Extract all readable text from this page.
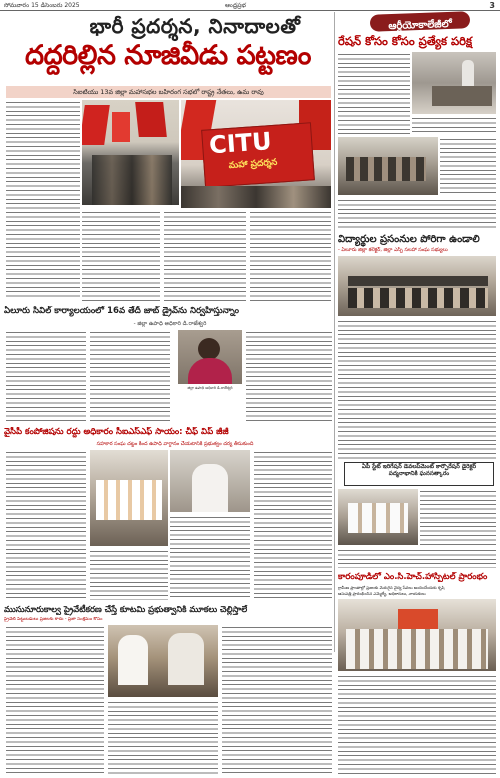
సోమవారం 15 డిసెంబరు 2025	ఆంధ్రప్రభ	3
భారీ ప్రదర్శన, నినాదాలతో
దద్దరిల్లిన నూజివీడు పట్టణం
సిఐటియు 13వ జిల్లా మహాసభల బహిరంగ సభలో రాష్ట్ర నేతలు, ఉమ రావు
CITU
మహా ప్రదర్శన
ఆర్డీయోకాలేజీలో
రేషన్ కోసం కోసం ప్రత్యేక పరిక్ష
విద్యార్థుల ప్రసంనుల పోరిగా ఉండాలి
- ఏలూరు జిల్లా కలెక్టర్, జిల్లా ఎస్పీ సలహా సంఘ సభ్యులు
ఏలూరు సివిల్ కార్యాలయంలో 16వ తేదీ జాబ్ డ్రైవ్‌ను నిర్వహిస్తున్నాం
- జిల్లా ఉపాధి అధికారి డి.రాజేశ్వరి
జిల్లా ఉపాధి అధికారి డి.రాజేశ్వరి
వైసీపీ కంపోజిషను రద్దు అధికారం సీఐఎస్‌ఎఫ్ సాయం: చీఫ్ విప్ జీజీ
సహకార సంఘ చట్టం కింద ఉపాధి వాగ్దానం చేయటానికి ప్రభుత్వం చర్య తీసుకుంది
ఏపీ స్టేట్ ఇరిగేషన్ డెవలప్‌మెంట్ కార్పొరేషన్ డైరెక్టర్ పద్మనాభానికి ఘనసత్కారం
కారంపూడిలో ఎం.సి.హెచ్.హాస్పిటల్ ప్రారంభం
గ్రామీణ ప్రాంతాల్లో ప్రజలకు మెరుగైన వైద్య సేవలు అందించేందుకు కృషి
ఆసుపత్రి ప్రారంభించిన ఎమ్మెల్యే, అధికారులు, నాయకులు
ముసునూరుకాల్వ ప్రైవేటీకరణ చేస్తే కూటమి ప్రభుత్వానికి మూకలు చెల్లిస్తాలే
ప్రైవేట్ పెట్టుబడులు ప్రజలకు కాదు - ప్రజా సంక్షేమం కోసం
